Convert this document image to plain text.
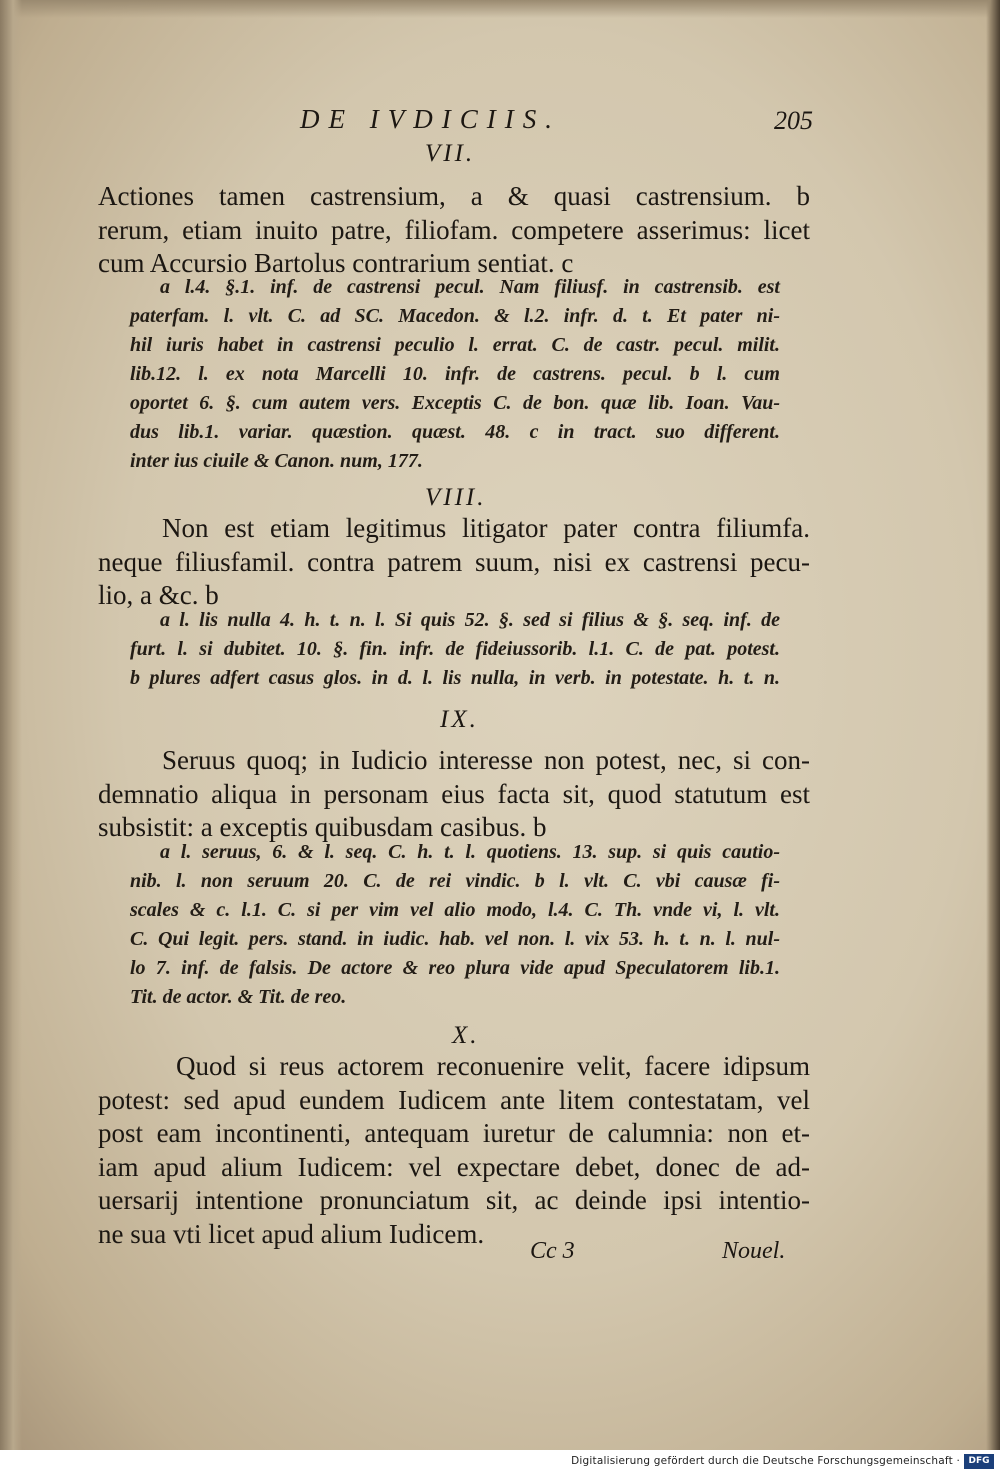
DE IVDICIIS.	205
VII.
Actiones tamen castrensium, a & quasi castrensium. b
rerum, etiam inuito patre, filiofam. competere asserimus: licet
cum Accursio Bartolus contrarium sentiat. c
a l.4. §.1. inf. de castrensi pecul. Nam filiusf. in castrensib. est
paterfam. l. vlt. C. ad SC. Macedon. & l.2. infr. d. t. Et pater ni-
hil iuris habet in castrensi peculio l. errat. C. de castr. pecul. milit.
lib.12. l. ex nota Marcelli 10. infr. de castrens. pecul. b l. cum
oportet 6. §. cum autem vers. Exceptis C. de bon. quæ lib. Ioan. Vau-
dus lib.1. variar. quæstion. quæst. 48. c in tract. suo different.
inter ius ciuile & Canon. num, 177.
VIII.
Non est etiam legitimus litigator pater contra filiumfa.
neque filiusfamil. contra patrem suum, nisi ex castrensi pecu-
lio, a &c. b
a l. lis nulla 4. h. t. n. l. Si quis 52. §. sed si filius & §. seq. inf. de
furt. l. si dubitet. 10. §. fin. infr. de fideiussorib. l.1. C. de pat. potest.
b plures adfert casus glos. in d. l. lis nulla, in verb. in potestate. h. t. n.
IX.
Seruus quoq; in Iudicio interesse non potest, nec, si con-
demnatio aliqua in personam eius facta sit, quod statutum est
subsistit: a exceptis quibusdam casibus. b
a l. seruus, 6. & l. seq. C. h. t. l. quotiens. 13. sup. si quis cautio-
nib. l. non seruum 20. C. de rei vindic. b l. vlt. C. vbi causæ fi-
scales & c. l.1. C. si per vim vel alio modo, l.4. C. Th. vnde vi, l. vlt.
C. Qui legit. pers. stand. in iudic. hab. vel non. l. vix 53. h. t. n. l. nul-
lo 7. inf. de falsis. De actore & reo plura vide apud Speculatorem lib.1.
Tit. de actor. & Tit. de reo.
X.
Quod si reus actorem reconuenire velit, facere idipsum
potest: sed apud eundem Iudicem ante litem contestatam, vel
post eam incontinenti, antequam iuretur de calumnia: non et-
iam apud alium Iudicem: vel expectare debet, donec de ad-
uersarij intentione pronunciatum sit, ac deinde ipsi intentio-
ne sua vti licet apud alium Iudicem.
Cc 3	Nouel.
Digitalisierung gefördert durch die Deutsche Forschungsgemeinschaft · DFG
